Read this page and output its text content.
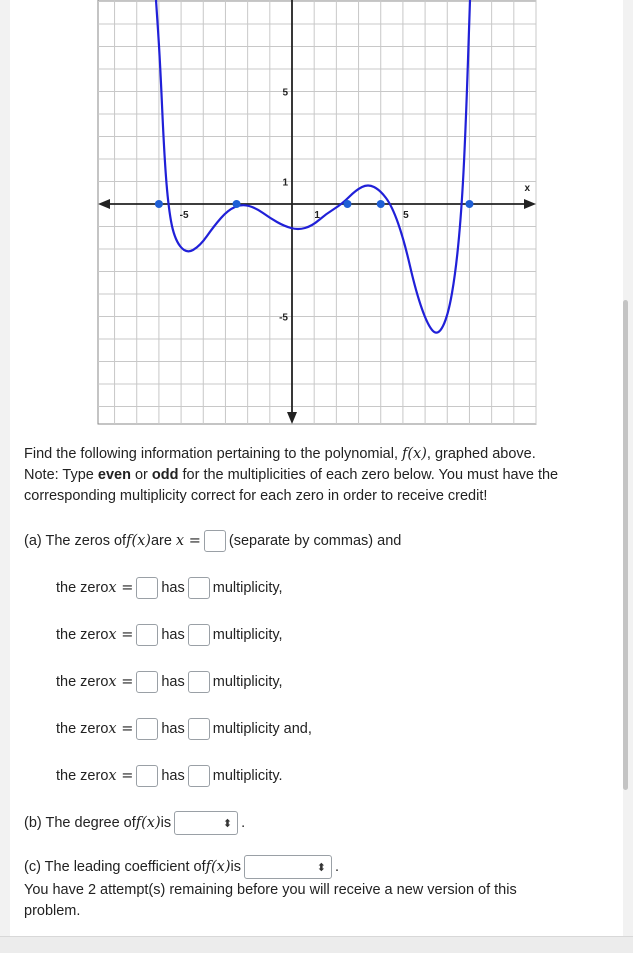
-5	1	5
5
1
-5
x
Find the following information pertaining to the polynomial, f(x), graphed above.
Note: Type even or odd for the multiplicities of each zero below. You must have the
corresponding multiplicity correct for each zero in order to receive credit!
(a) The zeros of f(x) are x = (separate by commas) and
the zero x = has multiplicity,
the zero x = has multiplicity,
the zero x = has multiplicity,
the zero x = has multiplicity and,
the zero x = has multiplicity.
(b) The degree of f(x) is	⬍ .
(c) The leading coefficient of f(x) is	⬍ .
You have 2 attempt(s) remaining before you will receive a new version of this
problem.
